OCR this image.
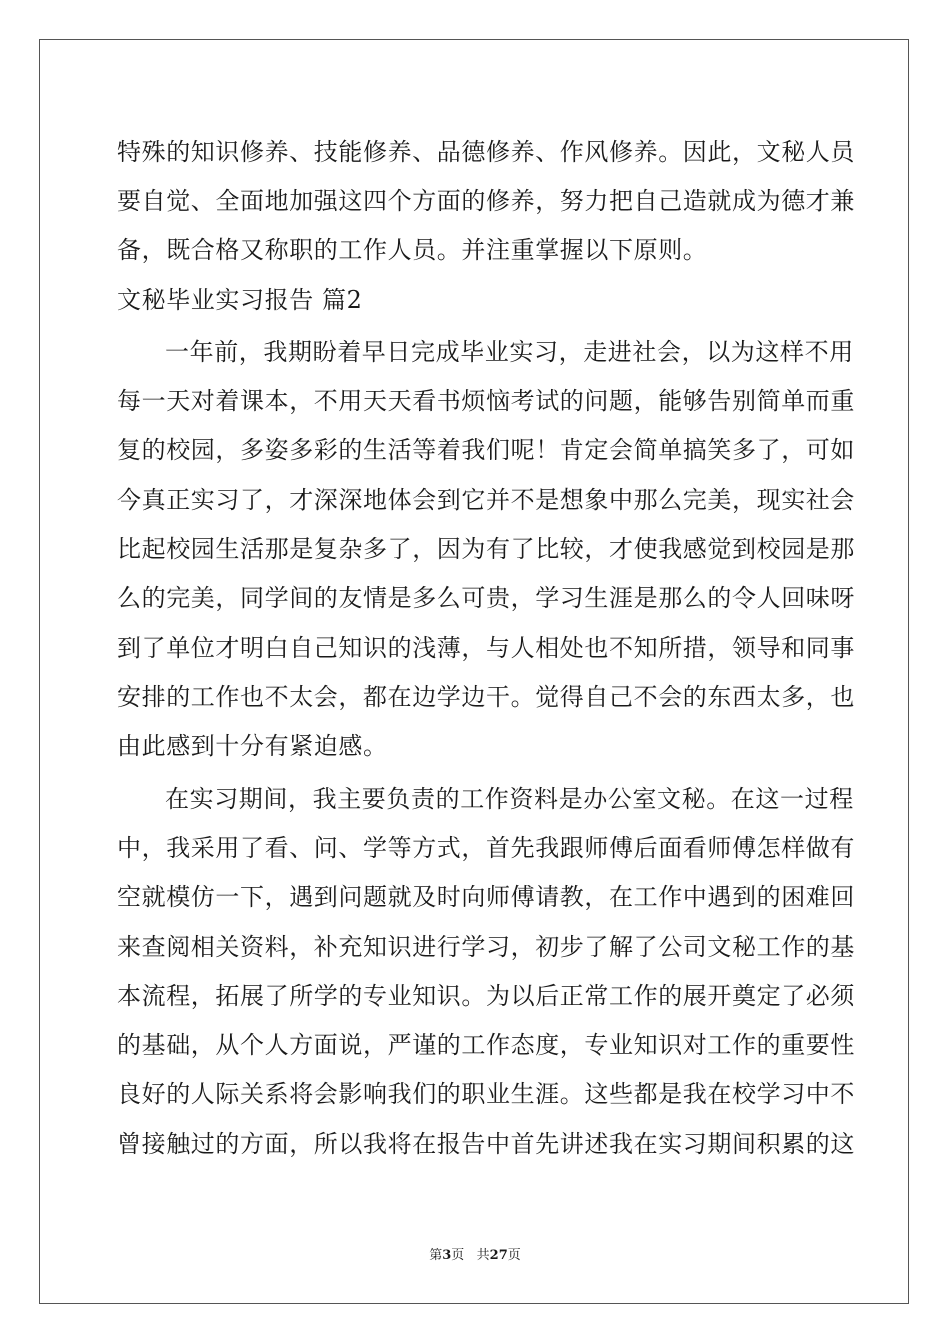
特殊的知识修养、技能修养、品德修养、作风修养。因此，文秘人员
要自觉、全面地加强这四个方面的修养，努力把自己造就成为德才兼
备，既合格又称职的工作人员。并注重掌握以下原则。
文秘毕业实习报告 篇2
一年前，我期盼着早日完成毕业实习，走进社会，以为这样不用
每一天对着课本，不用天天看书烦恼考试的问题，能够告别简单而重
复的校园，多姿多彩的生活等着我们呢！肯定会简单搞笑多了，可如
今真正实习了，才深深地体会到它并不是想象中那么完美，现实社会
比起校园生活那是复杂多了，因为有了比较，才使我感觉到校园是那
么的完美，同学间的友情是多么可贵，学习生涯是那么的令人回味呀
到了单位才明白自己知识的浅薄，与人相处也不知所措，领导和同事
安排的工作也不太会，都在边学边干。觉得自己不会的东西太多，也
由此感到十分有紧迫感。
在实习期间，我主要负责的工作资料是办公室文秘。在这一过程
中，我采用了看、问、学等方式，首先我跟师傅后面看师傅怎样做有
空就模仿一下，遇到问题就及时向师傅请教，在工作中遇到的困难回
来查阅相关资料，补充知识进行学习，初步了解了公司文秘工作的基
本流程，拓展了所学的专业知识。为以后正常工作的展开奠定了必须
的基础，从个人方面说，严谨的工作态度，专业知识对工作的重要性
良好的人际关系将会影响我们的职业生涯。这些都是我在校学习中不
曾接触过的方面，所以我将在报告中首先讲述我在实习期间积累的这
第3页   共27页
